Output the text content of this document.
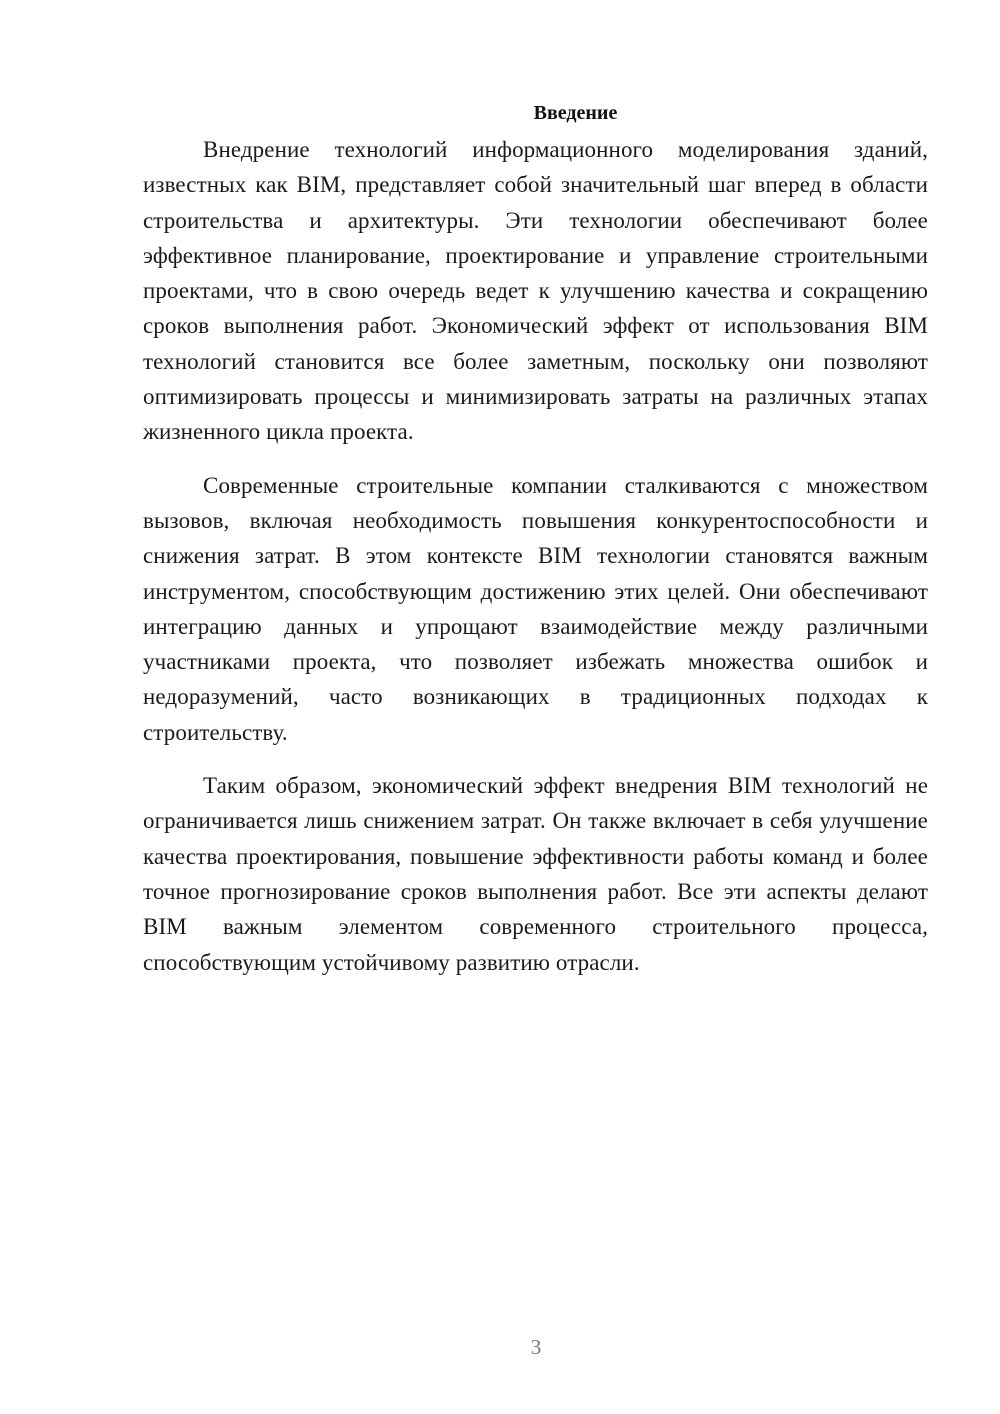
Введение

Внедрение технологий информационного моделирования зданий, известных как BIM, представляет собой значительный шаг вперед в области строительства и архитектуры. Эти технологии обеспечивают более эффективное планирование, проектирование и управление строительными проектами, что в свою очередь ведет к улучшению качества и сокращению сроков выполнения работ. Экономический эффект от использования BIM технологий становится все более заметным, поскольку они позволяют оптимизировать процессы и минимизировать затраты на различных этапах жизненного цикла проекта.

Современные строительные компании сталкиваются с множеством вызовов, включая необходимость повышения конкурентоспособности и снижения затрат. В этом контексте BIM технологии становятся важным инструментом, способствующим достижению этих целей. Они обеспечивают интеграцию данных и упрощают взаимодействие между различными участниками проекта, что позволяет избежать множества ошибок и недоразумений, часто возникающих в традиционных подходах к строительству.

Таким образом, экономический эффект внедрения BIM технологий не ограничивается лишь снижением затрат. Он также включает в себя улучшение качества проектирования, повышение эффективности работы команд и более точное прогнозирование сроков выполнения работ. Все эти аспекты делают BIM важным элементом современного строительного процесса, способствующим устойчивому развитию отрасли.

3
